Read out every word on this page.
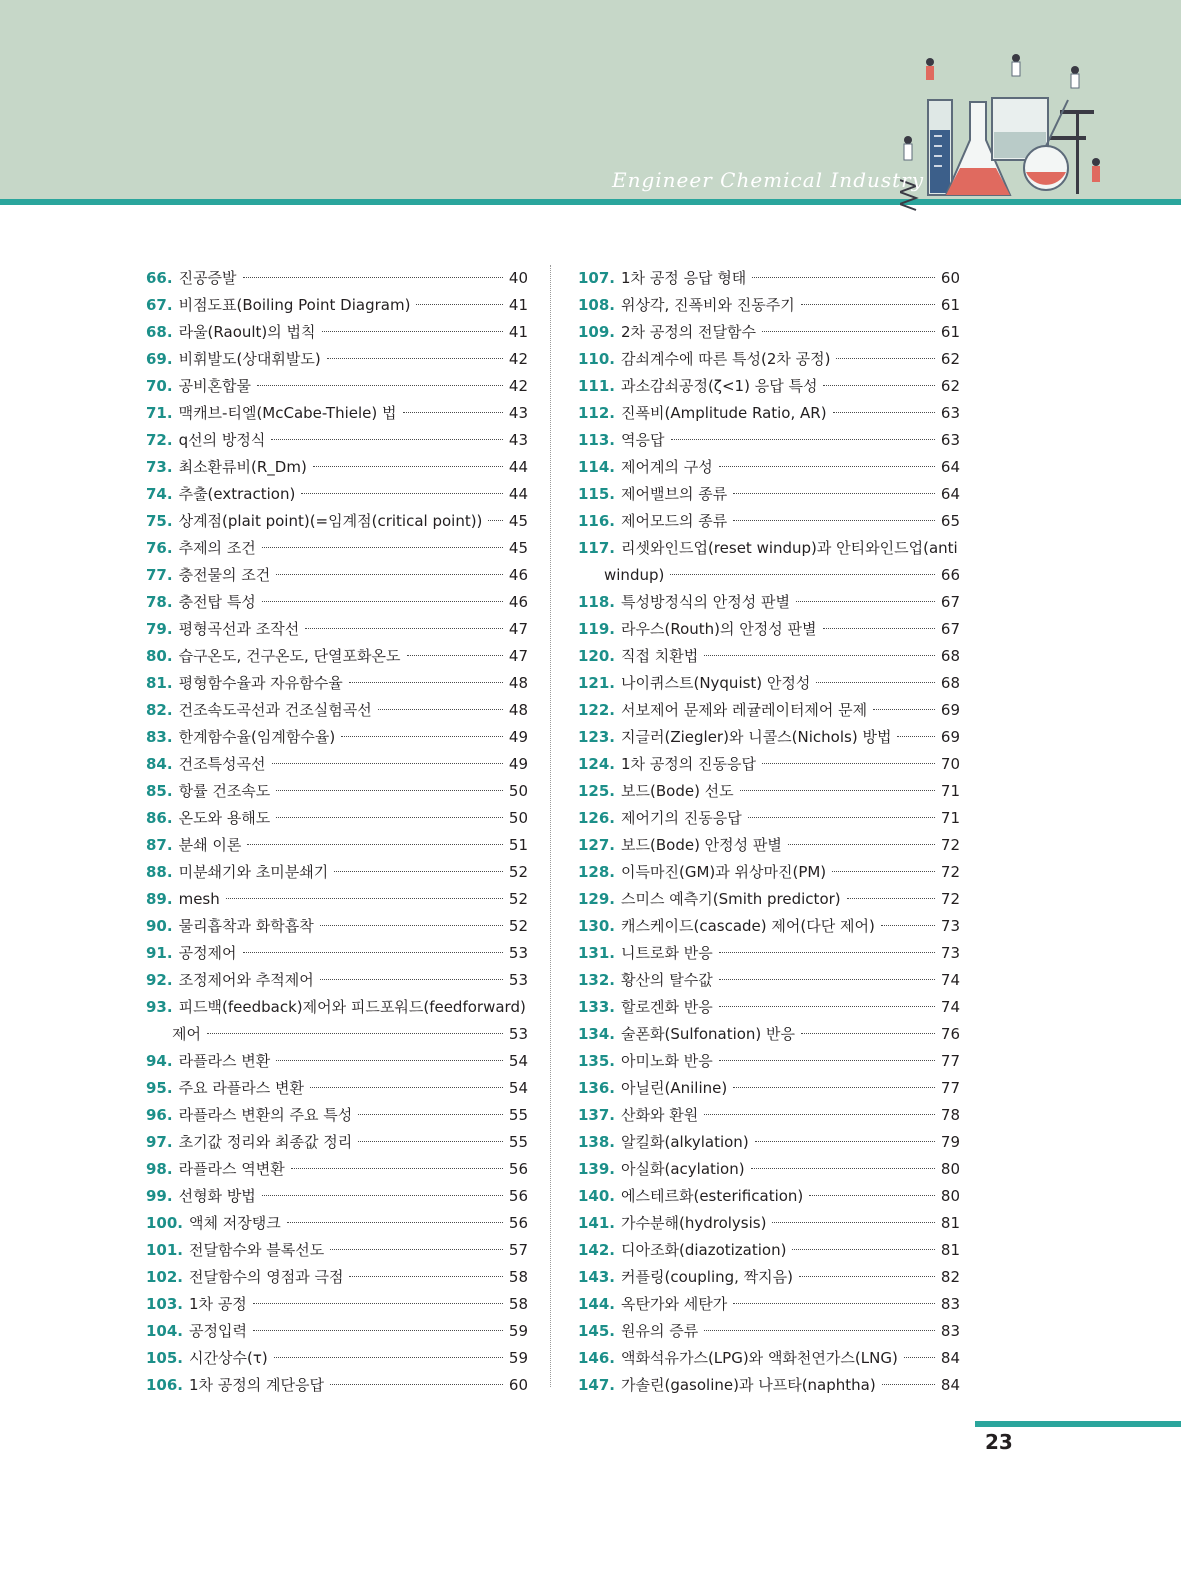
Engineer Chemical Industry
66. 진공증발	40
67. 비점도표(Boiling Point Diagram)	41
68. 라울(Raoult)의 법칙	41
69. 비휘발도(상대휘발도)	42
70. 공비혼합물	42
71. 맥캐브-티엘(McCabe-Thiele) 법	43
72. q선의 방정식	43
73. 최소환류비(R_Dm)	44
74. 추출(extraction)	44
75. 상계점(plait point)(=임계점(critical point)) 45
76. 추제의 조건	45
77. 충전물의 조건	46
78. 충전탑 특성	46
79. 평형곡선과 조작선	47
80. 습구온도, 건구온도, 단열포화온도	47
81. 평형함수율과 자유함수율	48
82. 건조속도곡선과 건조실험곡선	48
83. 한계함수율(임계함수율)	49
84. 건조특성곡선	49
85. 항률 건조속도	50
86. 온도와 용해도	50
87. 분쇄 이론	51
88. 미분쇄기와 초미분쇄기	52
89. mesh	52
90. 물리흡착과 화학흡착	52
91. 공정제어	53
92. 조정제어와 추적제어	53
93. 피드백(feedback)제어와 피드포워드(feedforward)
제어	53
94. 라플라스 변환	54
95. 주요 라플라스 변환	54
96. 라플라스 변환의 주요 특성	55
97. 초기값 정리와 최종값 정리	55
98. 라플라스 역변환	56
99. 선형화 방법	56
100. 액체 저장탱크	56
101. 전달함수와 블록선도	57
102. 전달함수의 영점과 극점	58
103. 1차 공정	58
104. 공정입력	59
105. 시간상수(τ)	59
106. 1차 공정의 계단응답	60
107. 1차 공정 응답 형태	60
108. 위상각, 진폭비와 진동주기	61
109. 2차 공정의 전달함수	61
110. 감쇠계수에 따른 특성(2차 공정)	62
111. 과소감쇠공정(ζ<1) 응답 특성	62
112. 진폭비(Amplitude Ratio, AR)	63
113. 역응답	63
114. 제어계의 구성	64
115. 제어밸브의 종류	64
116. 제어모드의 종류	65
117. 리셋와인드업(reset windup)과 안티와인드업(anti
windup)	66
118. 특성방정식의 안정성 판별	67
119. 라우스(Routh)의 안정성 판별	67
120. 직접 치환법	68
121. 나이퀴스트(Nyquist) 안정성	68
122. 서보제어 문제와 레귤레이터제어 문제	69
123. 지글러(Ziegler)와 니콜스(Nichols) 방법	69
124. 1차 공정의 진동응답	70
125. 보드(Bode) 선도	71
126. 제어기의 진동응답	71
127. 보드(Bode) 안정성 판별	72
128. 이득마진(GM)과 위상마진(PM)	72
129. 스미스 예측기(Smith predictor)	72
130. 캐스케이드(cascade) 제어(다단 제어)	73
131. 니트로화 반응	73
132. 황산의 탈수값	74
133. 할로겐화 반응	74
134. 술폰화(Sulfonation) 반응	76
135. 아미노화 반응	77
136. 아닐린(Aniline)	77
137. 산화와 환원	78
138. 알킬화(alkylation)	79
139. 아실화(acylation)	80
140. 에스테르화(esterification)	80
141. 가수분해(hydrolysis)	81
142. 디아조화(diazotization)	81
143. 커플링(coupling, 짝지음)	82
144. 옥탄가와 세탄가	83
145. 원유의 증류	83
146. 액화석유가스(LPG)와 액화천연가스(LNG)	84
147. 가솔린(gasoline)과 나프타(naphtha)	84
23
